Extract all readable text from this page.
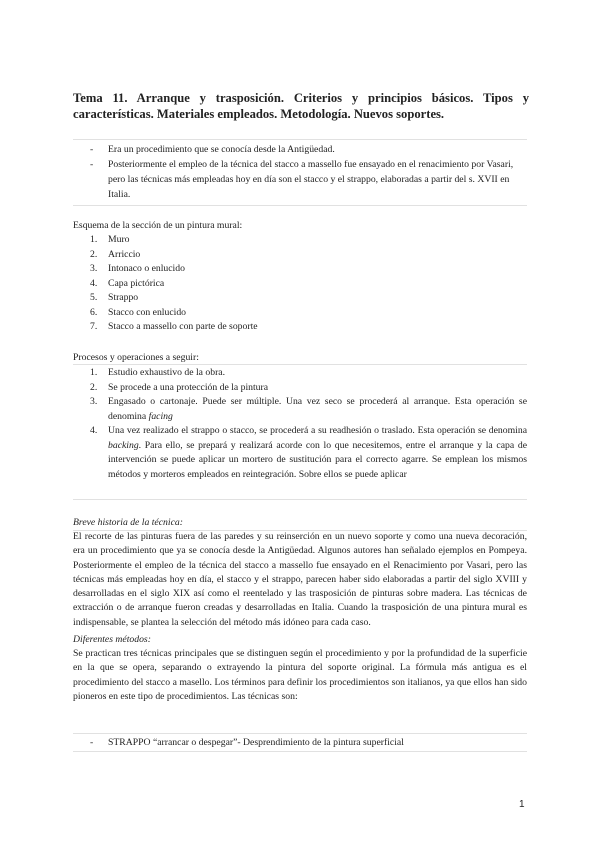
Tema 11. Arranque y trasposición. Criterios y principios básicos. Tipos y características. Materiales empleados. Metodología. Nuevos soportes.
- Era un procedimiento que se conocía desde la Antigüedad.
- Posteriormente el empleo de la técnica del stacco a massello fue ensayado en el renacimiento por Vasari, pero las técnicas más empleadas hoy en día son el stacco y el strappo, elaboradas a partir del s. XVII en Italia.
Esquema de la sección de un pintura mural:
1. Muro
2. Arriccio
3. Intonaco o enlucido
4. Capa pictórica
5. Strappo
6. Stacco con enlucido
7. Stacco a massello con parte de soporte
Procesos y operaciones a seguir:
1. Estudio exhaustivo de la obra.
2. Se procede a una protección de la pintura
3. Engasado o cartonaje. Puede ser múltiple. Una vez seco se procederá al arranque. Esta operación se denomina facing
4. Una vez realizado el strappo o stacco, se procederá a su readhesión o traslado. Esta operación se denomina backing. Para ello, se prepará y realizará acorde con lo que necesitemos, entre el arranque y la capa de intervención se puede aplicar un mortero de sustitución para el correcto agarre. Se emplean los mismos métodos y morteros empleados en reintegración. Sobre ellos se puede aplicar
Breve historia de la técnica:
El recorte de las pinturas fuera de las paredes y su reinserción en un nuevo soporte y como una nueva decoración, era un procedimiento que ya se conocía desde la Antigüedad. Algunos autores han señalado ejemplos en Pompeya. Posteriormente el empleo de la técnica del stacco a massello fue ensayado en el Renacimiento por Vasari, pero las técnicas más empleadas hoy en día, el stacco y el strappo, parecen haber sido elaboradas a partir del siglo XVIII y desarrolladas en el siglo XIX así como el reentelado y las trasposición de pinturas sobre madera. Las técnicas de extracción o de arranque fueron creadas y desarrolladas en Italia. Cuando la trasposición de una pintura mural es indispensable, se plantea la selección del método más idóneo para cada caso.
Diferentes métodos:
Se practican tres técnicas principales que se distinguen según el procedimiento y por la profundidad de la superficie en la que se opera, separando o extrayendo la pintura del soporte original. La fórmula más antigua es el procedimiento del stacco a masello. Los términos para definir los procedimientos son italianos, ya que ellos han sido pioneros en este tipo de procedimientos. Las técnicas son:
- STRAPPO “arrancar o despegar”- Desprendimiento de la pintura superficial
1
